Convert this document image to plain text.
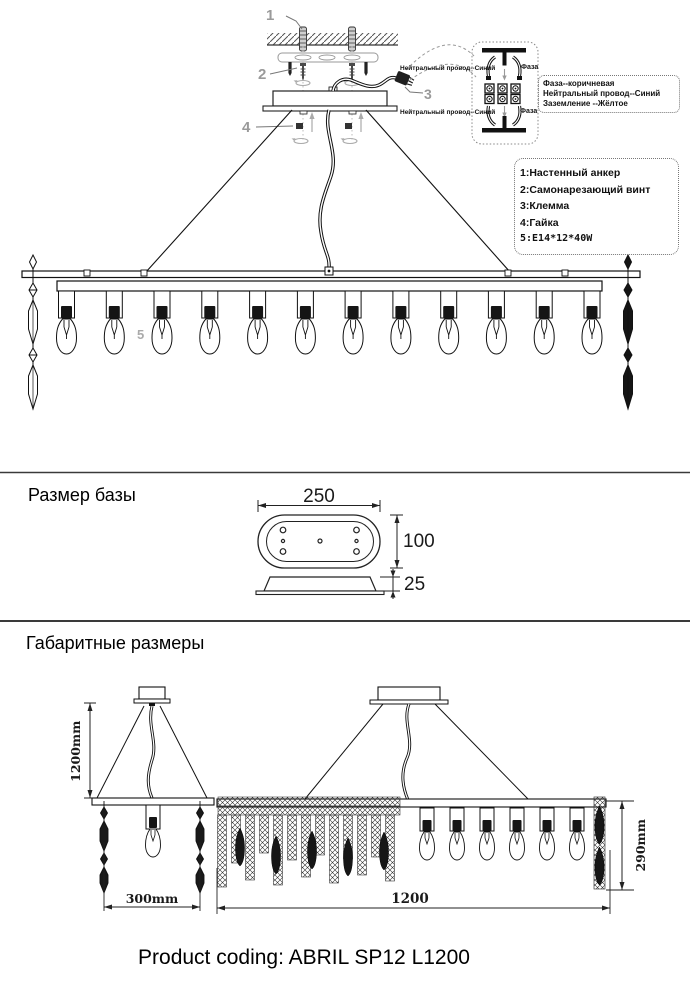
1
2
3
4
5
Нейтральный провод--Синий	Фаза
Нейтральный провод--Синий	Фаза
Фаза--коричневая
Нейтральный провод--Синий
Заземление --Жёлтое
1:Настенный анкер
2:Самонарезающий винт
3:Клемма
4:Гайка
5:E14*12*40W
Размер базы	250
100
25
Габаритные размеры
1200mm
300mm	1200
290mm
Product coding: ABRIL SP12 L1200
